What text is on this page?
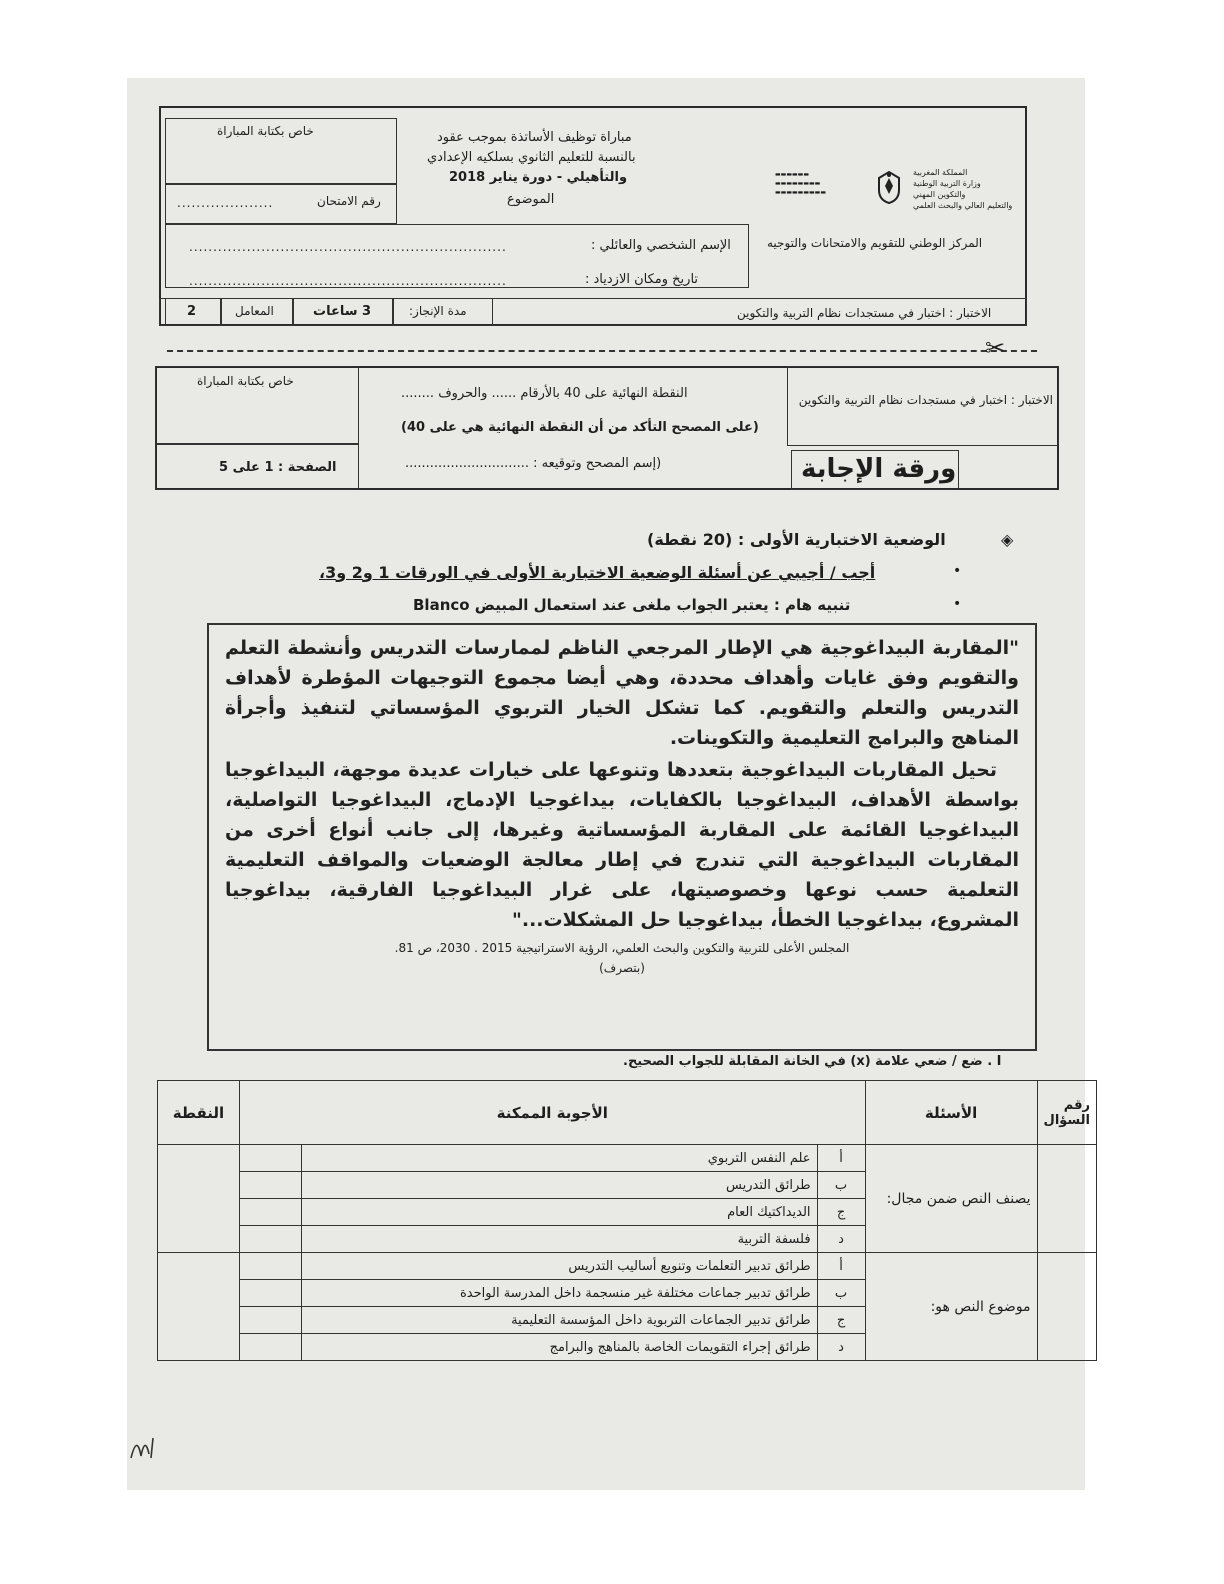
خاص بكتابة المباراة
رقم الامتحان
....................
مباراة توظيف الأساتذة بموجب عقود
بالنسبة للتعليم الثانوي بسلكيه الإعدادي
والتأهيلي - دورة يناير 2018
الموضوع
المملكة المغربية
وزارة التربية الوطنية
والتكوين المهني
والتعليم العالي والبحث العلمي
▬▬▬▬▬▬
▬▬▬▬▬▬▬▬
▬▬▬▬▬▬▬▬▬
المركز الوطني للتقويم والامتحانات والتوجيه
الإسم الشخصي والعائلي :
..................................................................
تاريخ ومكان الازدياد :
..................................................................
2	المعامل	3 ساعات	مدة الإنجاز:	الاختبار : اختبار في مستجدات نظام التربية والتكوين
✂
خاص بكتابة المباراة
الصفحة : 1 على 5
النقطة النهائية على 40 بالأرقام ...... والحروف ........
(على المصحح التأكد من أن النقطة النهائية هي على 40)
(إسم المصحح وتوقيعه : ..............................
الاختبار : اختبار في مستجدات نظام التربية والتكوين
ورقة الإجابة
الوضعية الاختبارية الأولى : (20 نقطة)	◈
أجب / أجيبي عن أسئلة الوضعية الاختبارية الأولى في الورقات 1 و2 و3،	•
تنبيه هام : يعتبر الجواب ملغى عند استعمال المبيض Blanco	•

"المقاربة البيداغوجية هي الإطار المرجعي الناظم لممارسات التدريس وأنشطة التعلم والتقويم وفق غايات وأهداف محددة، وهي أيضا مجموع التوجيهات المؤطرة لأهداف التدريس والتعلم والتقويم. كما تشكل الخيار التربوي المؤسساتي لتنفيذ وأجرأة المناهج والبرامج التعليمية والتكوينات.

تحيل المقاربات البيداغوجية بتعددها وتنوعها على خيارات عديدة موجهة، البيداغوجيا بواسطة الأهداف، البيداغوجيا بالكفايات، بيداغوجيا الإدماج، البيداغوجيا التواصلية، البيداغوجيا القائمة على المقاربة المؤسساتية وغيرها، إلى جانب أنواع أخرى من المقاربات البيداغوجية التي تندرج في إطار معالجة الوضعيات والمواقف التعليمية التعلمية حسب نوعها وخصوصيتها، على غرار البيداغوجيا الفارقية، بيداغوجيا المشروع، بيداغوجيا الخطأ، بيداغوجيا حل المشكلات..."

المجلس الأعلى للتربية والتكوين والبحث العلمي، الرؤية الاستراتيجية 2015 . 2030، ص 81.
(بتصرف)
I . ضع / ضعي علامة (x) في الخانة المقابلة للجواب الصحيح.
رقم السؤال	الأسئلة	الأجوبة الممكنة			النقطة
	يصنف النص ضمن مجال:	أ	علم النفس التربوي		
		ب	طرائق التدريس		
		ج	الديداكتيك العام		
		د	فلسفة التربية		
	موضوع النص هو:	أ	طرائق تدبير التعلمات وتنويع أساليب التدريس		
		ب	طرائق تدبير جماعات مختلفة غير منسجمة داخل المدرسة الواحدة		
		ج	طرائق تدبير الجماعات التربوية داخل المؤسسة التعليمية		
		د	طرائق إجراء التقويمات الخاصة بالمناهج والبرامج		
